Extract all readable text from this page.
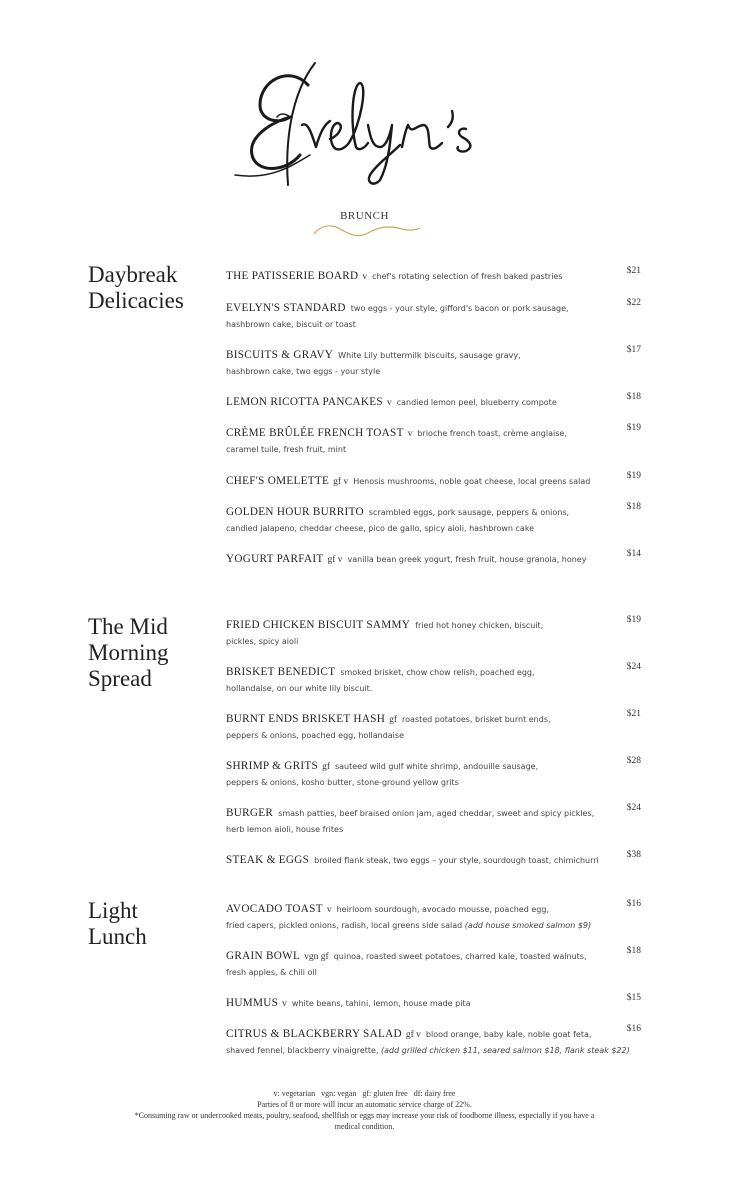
BRUNCH
Daybreak
Delicacies
The Mid
Morning
Spread
Light
Lunch
THE PATISSERIE BOARD v chef's rotating selection of fresh baked pastries
$21
EVELYN'S STANDARD two eggs - your style, gifford's bacon or pork sausage,
$22
hashbrown cake, biscuit or toast
BISCUITS & GRAVY White Lily buttermilk biscuits, sausage gravy,
$17
hashbrown cake, two eggs - your style
LEMON RICOTTA PANCAKES v candied lemon peel, blueberry compote
$18
CRÈME BRÛLÉE FRENCH TOAST v brioche french toast, crème anglaise,
$19
caramel tuile, fresh fruit, mint
CHEF'S OMELETTE gf v Henosis mushrooms, noble goat cheese, local greens salad
$19
GOLDEN HOUR BURRITO scrambled eggs, pork sausage, peppers & onions,
$18
candied jalapeno, cheddar cheese, pico de gallo, spicy aioli, hashbrown cake
YOGURT PARFAIT gf v vanilla bean greek yogurt, fresh fruit, house granola, honey
$14
FRIED CHICKEN BISCUIT SAMMY fried hot honey chicken, biscuit,
$19
pickles, spicy aioli
BRISKET BENEDICT smoked brisket, chow chow relish, poached egg,
$24
hollandaise, on our white lily biscuit.
BURNT ENDS BRISKET HASH gf roasted potatoes, brisket burnt ends,
$21
peppers & onions, poached egg, hollandaise
SHRIMP & GRITS gf sauteed wild gulf white shrimp, andouille sausage,
$28
peppers & onions, kosho butter, stone-ground yellow grits
BURGER smash patties, beef braised onion jam, aged cheddar, sweet and spicy pickles,
$24
herb lemon aioli, house frites
STEAK & EGGS broiled flank steak, two eggs – your style, sourdough toast, chimichurri
$38
AVOCADO TOAST v heirloom sourdough, avocado mousse, poached egg,
$16
fried capers, pickled onions, radish, local greens side salad (add house smoked salmon $9)
GRAIN BOWL vgn gf quinoa, roasted sweet potatoes, charred kale, toasted walnuts,
$18
fresh apples, & chili oil
HUMMUS v white beans, tahini, lemon, house made pita
$15
CITRUS & BLACKBERRY SALAD gf v blood orange, baby kale, noble goat feta,
$16
shaved fennel, blackberry vinaigrette, (add grilled chicken $11, seared salmon $18, flank steak $22)
v: vegetarian   vgn: vegan   gf: gluten free   df: dairy free
Parties of 8 or more will incur an automatic service charge of 22%.
*Consuming raw or undercooked meats, poultry, seafood, shellfish or eggs may increase your risk of foodborne illness, especially if you have a
medical condition.
